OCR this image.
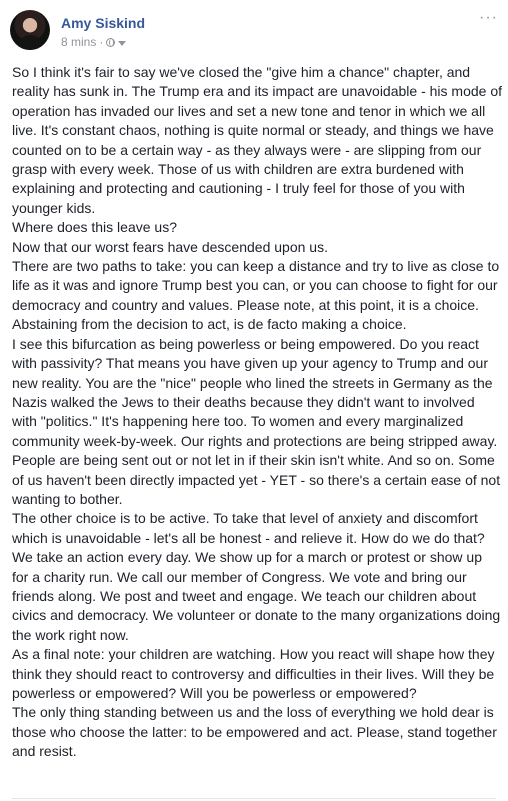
Amy Siskind
8 mins ·
···

So I think it's fair to say we've closed the "give him a chance" chapter, and reality has sunk in. The Trump era and its impact are unavoidable - his mode of operation has invaded our lives and set a new tone and tenor in which we all live. It's constant chaos, nothing is quite normal or steady, and things we have counted on to be a certain way - as they always were - are slipping from our grasp with every week. Those of us with children are extra burdened with explaining and protecting and cautioning - I truly feel for those of you with younger kids.

Where does this leave us?

Now that our worst fears have descended upon us.

There are two paths to take: you can keep a distance and try to live as close to life as it was and ignore Trump best you can, or you can choose to fight for our democracy and country and values. Please note, at this point, it is a choice. Abstaining from the decision to act, is de facto making a choice.

I see this bifurcation as being powerless or being empowered. Do you react with passivity? That means you have given up your agency to Trump and our new reality. You are the "nice" people who lined the streets in Germany as the Nazis walked the Jews to their deaths because they didn't want to involved with "politics." It's happening here too. To women and every marginalized community week-by-week. Our rights and protections are being stripped away. People are being sent out or not let in if their skin isn't white. And so on. Some of us haven't been directly impacted yet - YET - so there's a certain ease of not wanting to bother.

The other choice is to be active. To take that level of anxiety and discomfort which is unavoidable - let's all be honest - and relieve it. How do we do that? We take an action every day. We show up for a march or protest or show up for a charity run. We call our member of Congress. We vote and bring our friends along. We post and tweet and engage. We teach our children about civics and democracy. We volunteer or donate to the many organizations doing the work right now.

As a final note: your children are watching. How you react will shape how they think they should react to controversy and difficulties in their lives. Will they be powerless or empowered? Will you be powerless or empowered?

The only thing standing between us and the loss of everything we hold dear is those who choose the latter: to be empowered and act. Please, stand together and resist.
